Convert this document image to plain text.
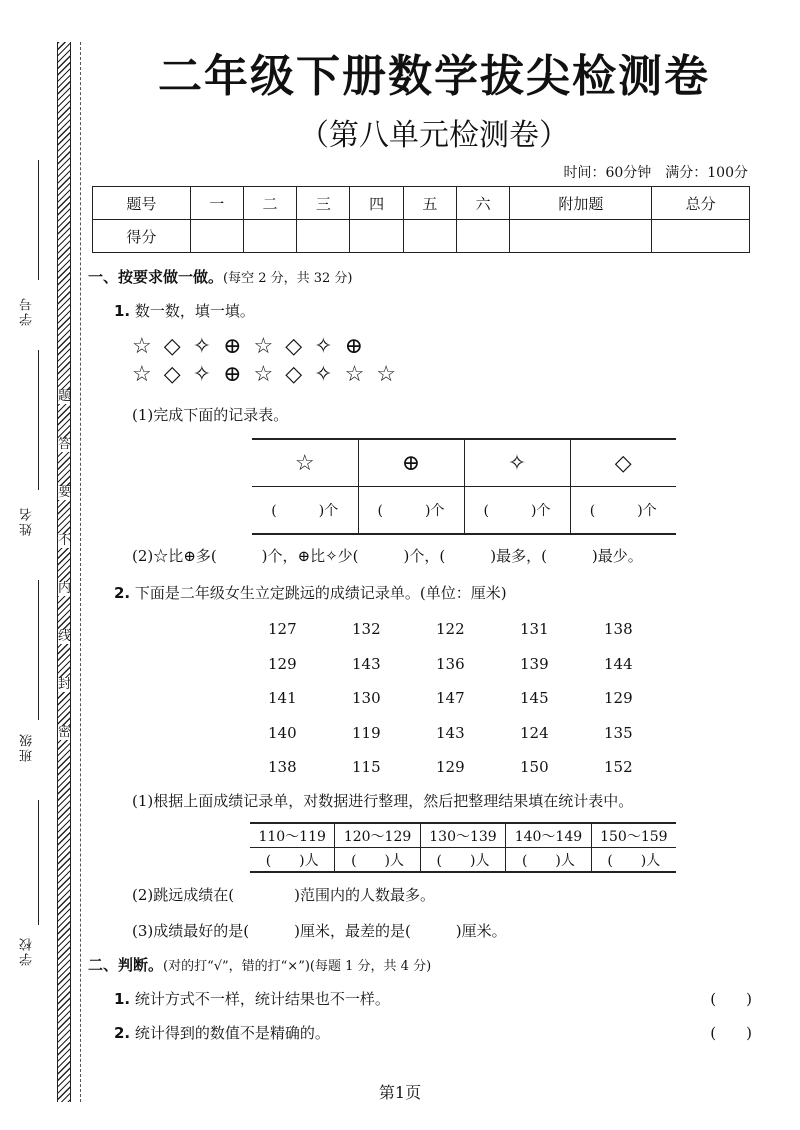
学号
姓名
班级
学校
题
答
要
不
内
线
封
密
二年级下册数学拔尖检测卷
（第八单元检测卷）
时间：60分钟　满分：100分
题号	一	二	三	四	五	六	附加题	总分
得分								
一、按要求做一做。(每空 2 分，共 32 分)
1. 数一数，填一填。
☆◇✧⊕☆◇✧⊕
☆◇✧⊕☆◇✧☆☆
(1)完成下面的记录表。
☆	⊕	✧	◇
(　　　)个	(　　　)个	(　　　)个	(　　　)个
(2)☆比⊕多(　　　)个，⊕比✧少(　　　)个，(　　　)最多，(　　　)最少。
2. 下面是二年级女生立定跳远的成绩记录单。(单位：厘米)
127	132	122	131	138
129	143	136	139	144
141	130	147	145	129
140	119	143	124	135
138	115	129	150	152
(1)根据上面成绩记录单，对数据进行整理，然后把整理结果填在统计表中。
110～119	120～129	130～139	140～149	150～159
(　　)人	(　　)人	(　　)人	(　　)人	(　　)人
(2)跳远成绩在(　　　　)范围内的人数最多。
(3)成绩最好的是(　　　)厘米，最差的是(　　　)厘米。
二、判断。(对的打“√”，错的打“×”)(每题 1 分，共 4 分)
1. 统计方式不一样，统计结果也不一样。	(　　)
2. 统计得到的数值不是精确的。	(　　)
第1页
